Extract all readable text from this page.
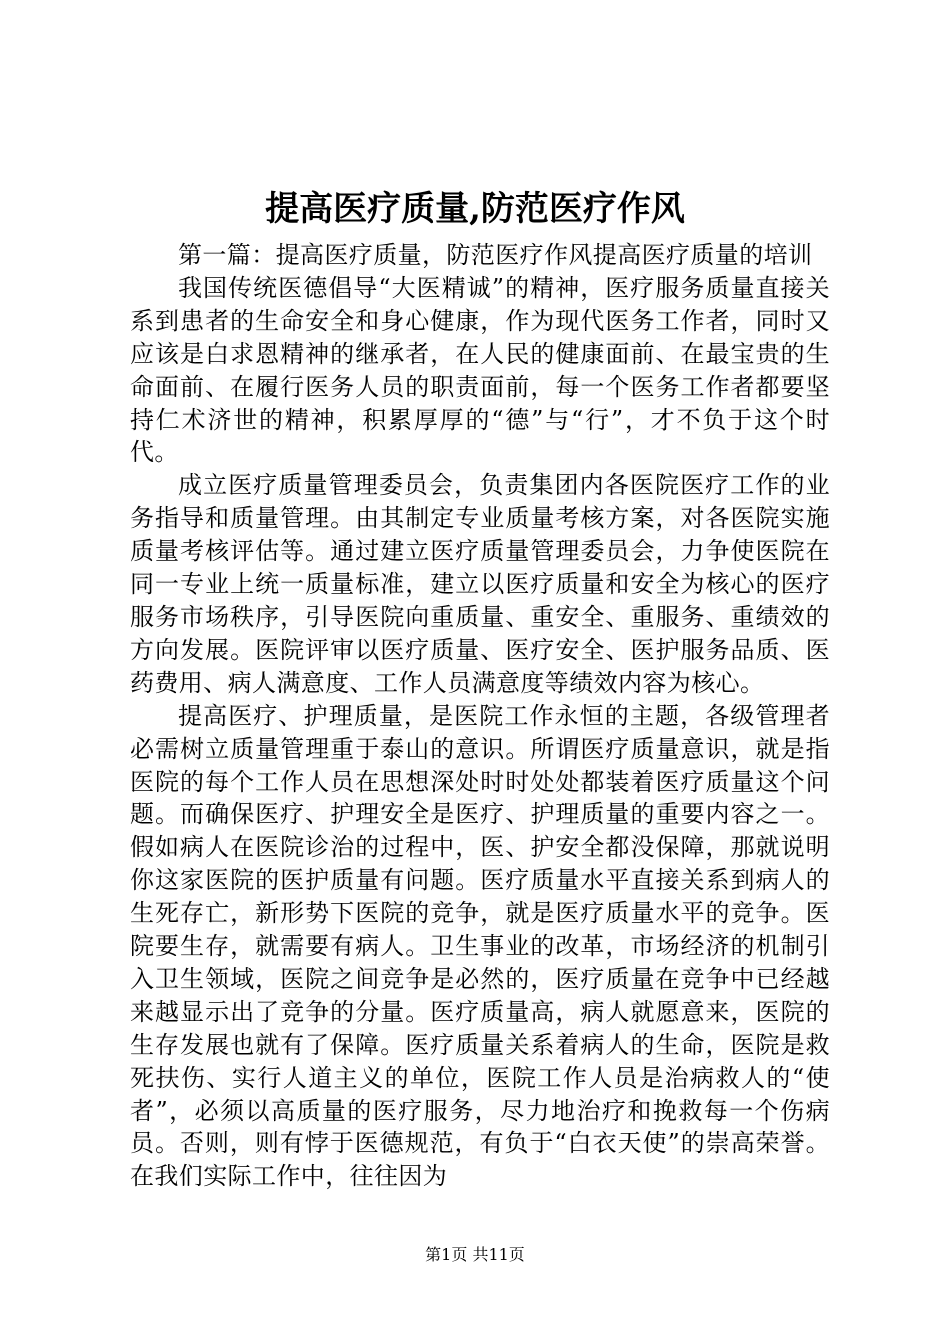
提高医疗质量,防范医疗作风

第一篇：提高医疗质量，防范医疗作风提高医疗质量的培训

我国传统医德倡导“大医精诚”的精神，医疗服务质量直接关系到患者的生命安全和身心健康，作为现代医务工作者，同时又应该是白求恩精神的继承者，在人民的健康面前、在最宝贵的生命面前、在履行医务人员的职责面前，每一个医务工作者都要坚持仁术济世的精神，积累厚厚的“德”与“行”，才不负于这个时代。

成立医疗质量管理委员会，负责集团内各医院医疗工作的业务指导和质量管理。由其制定专业质量考核方案，对各医院实施质量考核评估等。通过建立医疗质量管理委员会，力争使医院在同一专业上统一质量标准，建立以医疗质量和安全为核心的医疗服务市场秩序，引导医院向重质量、重安全、重服务、重绩效的方向发展。医院评审以医疗质量、医疗安全、医护服务品质、医药费用、病人满意度、工作人员满意度等绩效内容为核心。

提高医疗、护理质量，是医院工作永恒的主题，各级管理者必需树立质量管理重于泰山的意识。所谓医疗质量意识，就是指医院的每个工作人员在思想深处时时处处都装着医疗质量这个问题。而确保医疗、护理安全是医疗、护理质量的重要内容之一。假如病人在医院诊治的过程中，医、护安全都没保障，那就说明你这家医院的医护质量有问题。医疗质量水平直接关系到病人的生死存亡，新形势下医院的竞争，就是医疗质量水平的竞争。医院要生存，就需要有病人。卫生事业的改革，市场经济的机制引入卫生领域，医院之间竞争是必然的，医疗质量在竞争中已经越来越显示出了竞争的分量。医疗质量高，病人就愿意来，医院的生存发展也就有了保障。医疗质量关系着病人的生命，医院是救死扶伤、实行人道主义的单位，医院工作人员是治病救人的“使者”，必须以高质量的医疗服务，尽力地治疗和挽救每一个伤病员。否则，则有悖于医德规范，有负于“白衣天使”的崇高荣誉。在我们实际工作中，往往因为

第1页 共11页
